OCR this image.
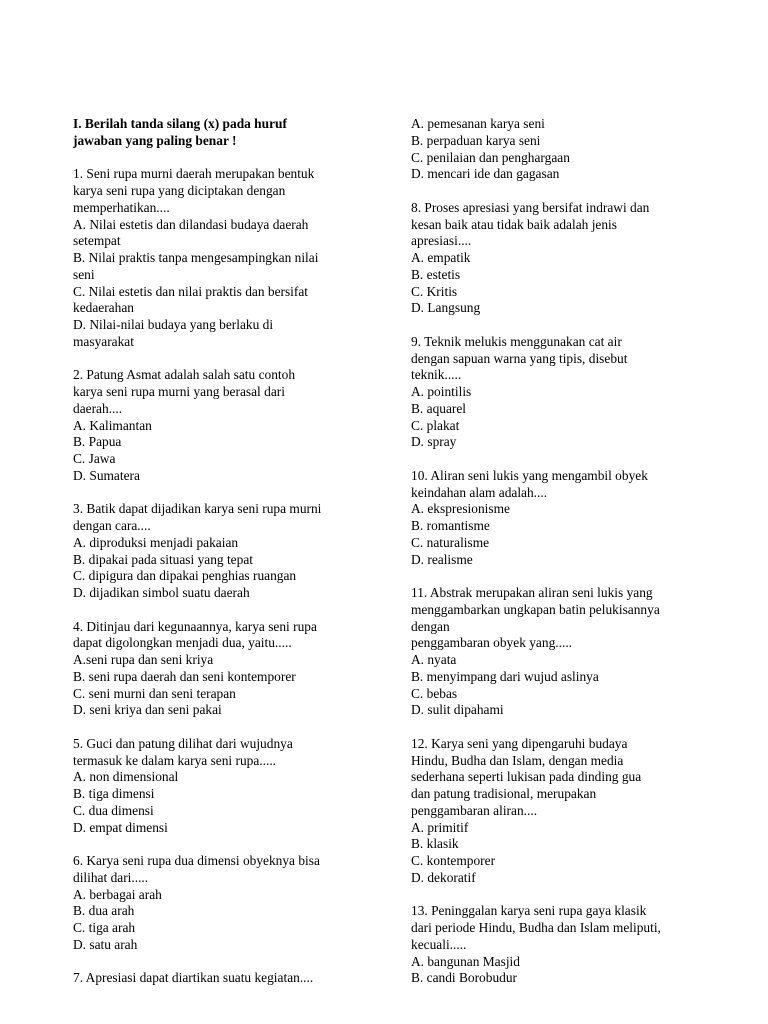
I. Berilah tanda silang (x) pada huruf
jawaban yang paling benar !
1. Seni rupa murni daerah merupakan bentuk
karya seni rupa yang diciptakan dengan
memperhatikan....
A. Nilai estetis dan dilandasi budaya daerah
setempat
B. Nilai praktis tanpa mengesampingkan nilai
seni
C. Nilai estetis dan nilai praktis dan bersifat
kedaerahan
D. Nilai-nilai budaya yang berlaku di
masyarakat
2. Patung Asmat adalah salah satu contoh
karya seni rupa murni yang berasal dari
daerah....
A. Kalimantan
B. Papua
C. Jawa
D. Sumatera
3. Batik dapat dijadikan karya seni rupa murni
dengan cara....
A. diproduksi menjadi pakaian
B. dipakai pada situasi yang tepat
C. dipigura dan dipakai penghias ruangan
D. dijadikan simbol suatu daerah
4. Ditinjau dari kegunaannya, karya seni rupa
dapat digolongkan menjadi dua, yaitu.....
A.seni rupa dan seni kriya
B. seni rupa daerah dan seni kontemporer
C. seni murni dan seni terapan
D. seni kriya dan seni pakai
5. Guci dan patung dilihat dari wujudnya
termasuk ke dalam karya seni rupa.....
A. non dimensional
B. tiga dimensi
C. dua dimensi
D. empat dimensi
6. Karya seni rupa dua dimensi obyeknya bisa
dilihat dari.....
A. berbagai arah
B. dua arah
C. tiga arah
D. satu arah
7. Apresiasi dapat diartikan suatu kegiatan....
A. pemesanan karya seni
B. perpaduan karya seni
C. penilaian dan penghargaan
D. mencari ide dan gagasan
8. Proses apresiasi yang bersifat indrawi dan
kesan baik atau tidak baik adalah jenis
apresiasi....
A. empatik
B. estetis
C. Kritis
D. Langsung
9. Teknik melukis menggunakan cat air
dengan sapuan warna yang tipis, disebut
teknik.....
A. pointilis
B. aquarel
C. plakat
D. spray
10. Aliran seni lukis yang mengambil obyek
keindahan alam adalah....
A. ekspresionisme
B. romantisme
C. naturalisme
D. realisme
11. Abstrak merupakan aliran seni lukis yang
menggambarkan ungkapan batin pelukisannya
dengan
penggambaran obyek yang.....
A. nyata
B. menyimpang dari wujud aslinya
C. bebas
D. sulit dipahami
12. Karya seni yang dipengaruhi budaya
Hindu, Budha dan Islam, dengan media
sederhana seperti lukisan pada dinding gua
dan patung tradisional, merupakan
penggambaran aliran....
A. primitif
B. klasik
C. kontemporer
D. dekoratif
13. Peninggalan karya seni rupa gaya klasik
dari periode Hindu, Budha dan Islam meliputi,
kecuali.....
A. bangunan Masjid
B. candi Borobudur
